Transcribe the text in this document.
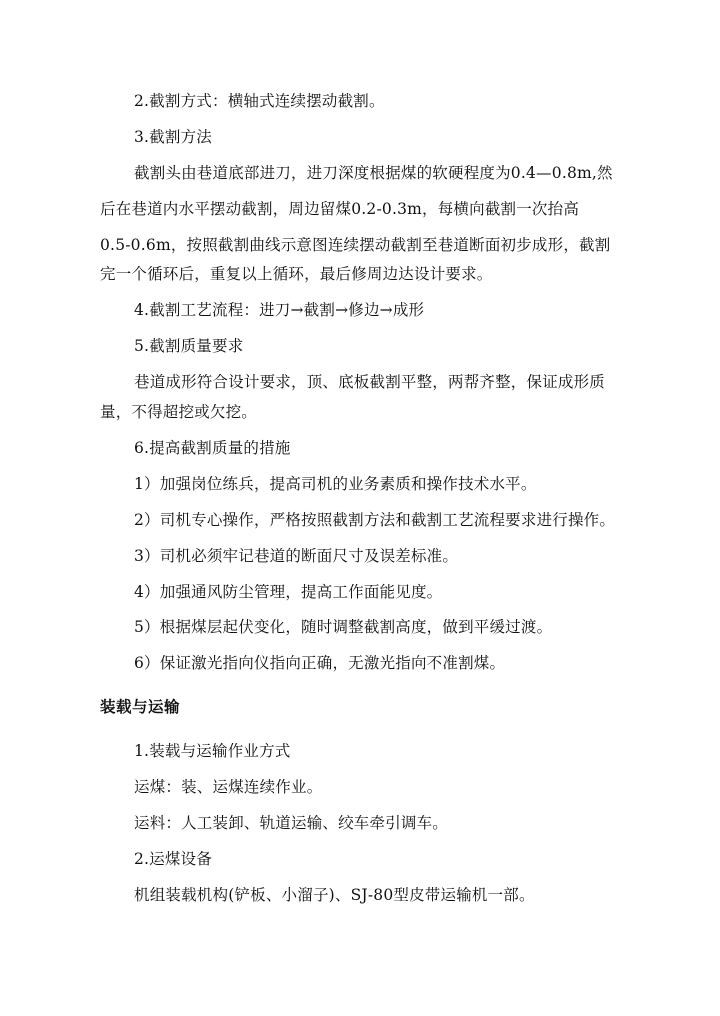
2.截割方式：横轴式连续摆动截割。
3.截割方法
截割头由巷道底部进刀，进刀深度根据煤的软硬程度为0.4—0.8m,然
后在巷道内水平摆动截割，周边留煤0.2-0.3m，每横向截割一次抬高
0.5-0.6m，按照截割曲线示意图连续摆动截割至巷道断面初步成形，截割
完一个循环后，重复以上循环，最后修周边达设计要求。
4.截割工艺流程：进刀→截割→修边→成形
5.截割质量要求
巷道成形符合设计要求，顶、底板截割平整，两帮齐整，保证成形质
量，不得超挖或欠挖。
6.提高截割质量的措施
1）加强岗位练兵，提高司机的业务素质和操作技术水平。
2）司机专心操作，严格按照截割方法和截割工艺流程要求进行操作。
3）司机必须牢记巷道的断面尺寸及误差标准。
4）加强通风防尘管理，提高工作面能见度。
5）根据煤层起伏变化，随时调整截割高度，做到平缓过渡。
6）保证激光指向仪指向正确，无激光指向不准割煤。
装载与运输
1.装载与运输作业方式
运煤：装、运煤连续作业。
运料：人工装卸、轨道运输、绞车牵引调车。
2.运煤设备
机组装载机构(铲板、小溜子)、SJ-80型皮带运输机一部。
